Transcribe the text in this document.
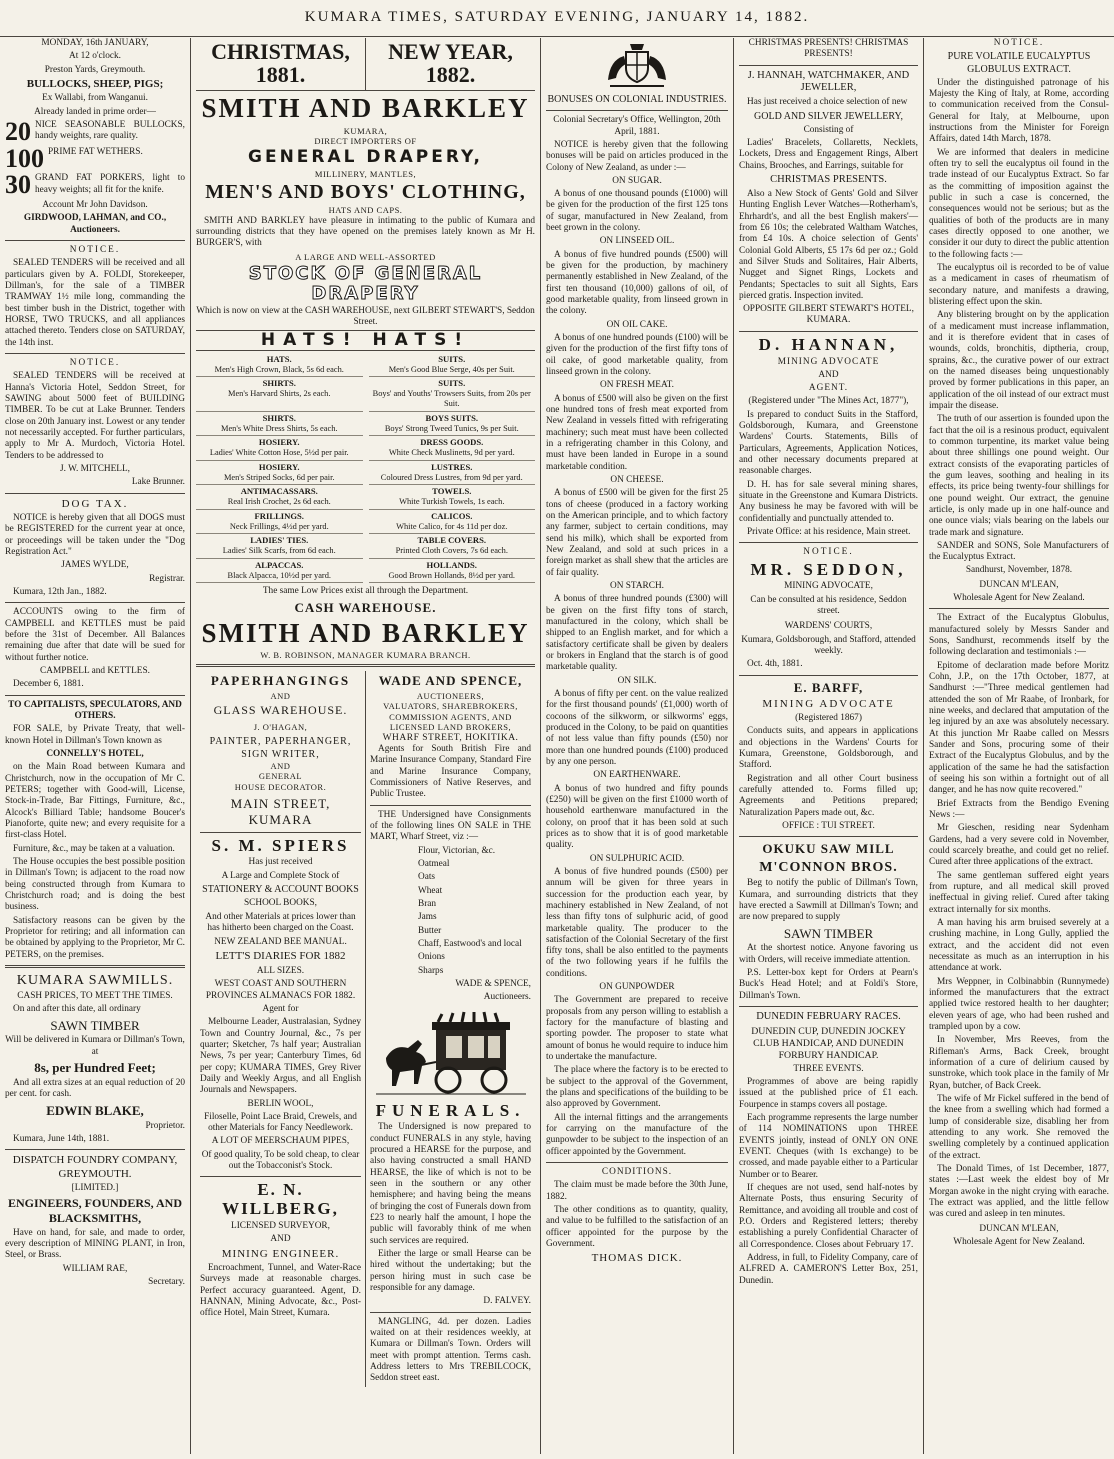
KUMARA TIMES, SATURDAY EVENING, JANUARY 14, 1882.

MONDAY, 16th JANUARY,

At 12 o'clock.

Preston Yards, Greymouth.

BULLOCKS, SHEEP, PIGS;

Ex Wallabi, from Wanganui.

Already landed in prime order—

20 NICE SEASONABLE BULLOCKS, handy weights, rare quality.
100 PRIME FAT WETHERS.
30 GRAND FAT PORKERS, light to heavy weights; all fit for the knife.

Account Mr John Davidson.

GIRDWOOD, LAHMAN, and CO., Auctioneers.

NOTICE.

SEALED TENDERS will be received and all particulars given by A. FOLDI, Storekeeper, Dillman's, for the sale of a TIMBER TRAMWAY 1½ mile long, commanding the best timber bush in the District, together with HORSE, TWO TRUCKS, and all appliances attached thereto. Tenders close on SATURDAY, the 14th inst.

NOTICE.

SEALED TENDERS will be received at Hanna's Victoria Hotel, Seddon Street, for SAWING about 5000 feet of BUILDING TIMBER. To be cut at Lake Brunner. Tenders close on 20th January inst. Lowest or any tender not necessarily accepted. For further particulars, apply to Mr A. Murdoch, Victoria Hotel. Tenders to be addressed to

J. W. MITCHELL,

Lake Brunner.

DOG TAX.

NOTICE is hereby given that all DOGS must be REGISTERED for the current year at once, or proceedings will be taken under the "Dog Registration Act."

JAMES WYLDE,

Registrar.

Kumara, 12th Jan., 1882.

ACCOUNTS owing to the firm of CAMPBELL and KETTLES must be paid before the 31st of December. All Balances remaining due after that date will be sued for without further notice.

CAMPBELL and KETTLES.

December 6, 1881.

TO CAPITALISTS, SPECULATORS, AND OTHERS.

FOR SALE, by Private Treaty, that well-known Hotel in Dillman's Town known as

CONNELLY'S HOTEL,

on the Main Road between Kumara and Christchurch, now in the occupation of Mr C. PETERS; together with Good-will, License, Stock-in-Trade, Bar Fittings, Furniture, &c., Alcock's Billiard Table; handsome Boucer's Pianoforte, quite new; and every requisite for a first-class Hotel.

Furniture, &c., may be taken at a valuation.

The House occupies the best possible position in Dillman's Town; is adjacent to the road now being constructed through from Kumara to Christchurch road; and is doing the best business.

Satisfactory reasons can be given by the Proprietor for retiring; and all information can be obtained by applying to the Proprietor, Mr C. PETERS, on the premises.

KUMARA SAWMILLS.

CASH PRICES, TO MEET THE TIMES.

On and after this date, all ordinary

SAWN TIMBER

Will be delivered in Kumara or Dillman's Town, at

8s, per Hundred Feet;

And all extra sizes at an equal reduction of 20 per cent. for cash.

EDWIN BLAKE,

Proprietor.

Kumara, June 14th, 1881.

DISPATCH FOUNDRY COMPANY, GREYMOUTH.

[LIMITED.]

ENGINEERS, FOUNDERS, AND BLACKSMITHS,

Have on hand, for sale, and made to order, every description of MINING PLANT, in Iron, Steel, or Brass.

WILLIAM RAE,

Secretary.

CHRISTMAS, 1881.
NEW YEAR, 1882.
SMITH AND BARKLEY
KUMARA,
DIRECT IMPORTERS OF
GENERAL DRAPERY,
MILLINERY, MANTLES,
MEN'S AND BOYS' CLOTHING,
HATS AND CAPS.

SMITH AND BARKLEY have pleasure in intimating to the public of Kumara and surrounding districts that they have opened on the premises lately known as Mr H. BURGER'S, with

A LARGE AND WELL-ASSORTED
STOCK OF GENERAL DRAPERY

Which is now on view at the CASH WAREHOUSE, next GILBERT STEWART'S, Seddon Street.

HATS! HATS!
HATS.
Men's High Crown, Black, 5s 6d each.
SUITS.
Men's Good Blue Serge, 40s per Suit.
SHIRTS.
Men's Harvard Shirts, 2s each.
SUITS.
Boys' and Youths' Trowsers Suits, from 20s per Suit.
SHIRTS.
Men's White Dress Shirts, 5s each.
BOYS SUITS.
Boys' Strong Tweed Tunics, 9s per Suit.
HOSIERY.
Ladies' White Cotton Hose, 5½d per pair.
DRESS GOODS.
White Check Muslinetts, 9d per yard.
HOSIERY.
Men's Striped Socks, 6d per pair.
LUSTRES.
Coloured Dress Lustres, from 9d per yard.
ANTIMACASSARS.
Real Irish Crochet, 2s 6d each.
TOWELS.
White Turkish Towels, 1s each.
FRILLINGS.
Neck Frillings, 4½d per yard.
CALICOS.
White Calico, for 4s 11d per doz.
LADIES' TIES.
Ladies' Silk Scarfs, from 6d each.
TABLE COVERS.
Printed Cloth Covers, 7s 6d each.
ALPACCAS.
Black Alpacca, 10½d per yard.
HOLLANDS.
Good Brown Hollands, 8½d per yard.

The same Low Prices exist all through the Department.

CASH WAREHOUSE.
SMITH AND BARKLEY
W. B. ROBINSON, MANAGER KUMARA BRANCH.
PAPERHANGINGS
AND
GLASS WAREHOUSE.
J. O'HAGAN,
PAINTER, PAPERHANGER, SIGN WRITER,
AND
GENERAL
HOUSE DECORATOR.
MAIN STREET, KUMARA
S. M. SPIERS

Has just received

A Large and Complete Stock of

STATIONERY & ACCOUNT BOOKS

SCHOOL BOOKS,

And other Materials at prices lower than has hitherto been charged on the Coast.

NEW ZEALAND BEE MANUAL.

LETT'S DIARIES FOR 1882

ALL SIZES.

WEST COAST AND SOUTHERN PROVINCES ALMANACS FOR 1882.

Agent for

Melbourne Leader, Australasian, Sydney Town and Country Journal, &c., 7s per quarter; Sketcher, 7s half year; Australian News, 7s per year; Canterbury Times, 6d per copy; KUMARA TIMES, Grey River Daily and Weekly Argus, and all English Journals and Newspapers.

BERLIN WOOL,

Filoselle, Point Lace Braid, Crewels, and other Materials for Fancy Needlework.

A LOT OF MEERSCHAUM PIPES,

Of good quality, To be sold cheap, to clear out the Tobacconist's Stock.

E. N. WILLBERG,

LICENSED SURVEYOR,

AND

MINING ENGINEER.

Encroachment, Tunnel, and Water-Race Surveys made at reasonable charges. Perfect accuracy guaranteed. Agent, D. HANNAN, Mining Advocate, &c., Post-office Hotel, Main Street, Kumara.

WADE AND SPENCE,
AUCTIONEERS,
VALUATORS, SHAREBROKERS, COMMISSION AGENTS, AND
LICENSED LAND BROKERS,
WHARF STREET, HOKITIKA.

Agents for South British Fire and Marine Insurance Company, Standard Fire and Marine Insurance Company, Commissioners of Native Reserves, and Public Trustee.

THE Undersigned have Consignments of the following lines ON SALE in THE MART, Wharf Street, viz :—

Flour, Victorian, &c.

Oatmeal

Oats

Wheat

Bran

Jams

Butter

Chaff, Eastwood's and local

Onions

Sharps

WADE & SPENCE,

Auctioneers.

FUNERALS.

The Undersigned is now prepared to conduct FUNERALS in any style, having procured a HEARSE for the purpose, and also having constructed a small HAND HEARSE, the like of which is not to be seen in the southern or any other hemisphere; and having being the means of bringing the cost of Funerals down from £23 to nearly half the amount, I hope the public will favorably think of me when such services are required.

Either the large or small Hearse can be hired without the undertaking; but the person hiring must in such case be responsible for any damage.

D. FALVEY.

MANGLING, 4d. per dozen. Ladies waited on at their residences weekly, at Kumara or Dillman's Town. Orders will meet with prompt attention. Terms cash. Address letters to Mrs TREBILCOCK, Seddon street east.

BONUSES ON COLONIAL INDUSTRIES.

Colonial Secretary's Office, Wellington, 20th April, 1881.

NOTICE is hereby given that the following bonuses will be paid on articles produced in the Colony of New Zealand, as under :—

ON SUGAR.

A bonus of one thousand pounds (£1000) will be given for the production of the first 125 tons of sugar, manufactured in New Zealand, from beet grown in the colony.

ON LINSEED OIL.

A bonus of five hundred pounds (£500) will be given for the production, by machinery permanently established in New Zealand, of the first ten thousand (10,000) gallons of oil, of good marketable quality, from linseed grown in the colony.

ON OIL CAKE.

A bonus of one hundred pounds (£100) will be given for the production of the first fifty tons of oil cake, of good marketable quality, from linseed grown in the colony.

ON FRESH MEAT.

A bonus of £500 will also be given on the first one hundred tons of fresh meat exported from New Zealand in vessels fitted with refrigerating machinery; such meat must have been collected in a refrigerating chamber in this Colony, and must have been landed in Europe in a sound marketable condition.

ON CHEESE.

A bonus of £500 will be given for the first 25 tons of cheese (produced in a factory working on the American principle, and to which factory any farmer, subject to certain conditions, may send his milk), which shall be exported from New Zealand, and sold at such prices in a foreign market as shall shew that the articles are of fair quality.

ON STARCH.

A bonus of three hundred pounds (£300) will be given on the first fifty tons of starch, manufactured in the colony, which shall be shipped to an English market, and for which a satisfactory certificate shall be given by dealers or brokers in England that the starch is of good marketable quality.

ON SILK.

A bonus of fifty per cent. on the value realized for the first thousand pounds' (£1,000) worth of cocoons of the silkworm, or silkworms' eggs, produced in the Colony, to be paid on quantities of not less value than fifty pounds (£50) nor more than one hundred pounds (£100) produced by any one person.

ON EARTHENWARE.

A bonus of two hundred and fifty pounds (£250) will be given on the first £1000 worth of household earthenware manufactured in the colony, on proof that it has been sold at such prices as to show that it is of good marketable quality.

ON SULPHURIC ACID.

A bonus of five hundred pounds (£500) per annum will be given for three years in succession for the production each year, by machinery established in New Zealand, of not less than fifty tons of sulphuric acid, of good marketable quality. The producer to the satisfaction of the Colonial Secretary of the first fifty tons, shall be also entitled to the payments of the two following years if he fulfils the conditions.

ON GUNPOWDER

The Government are prepared to receive proposals from any person willing to establish a factory for the manufacture of blasting and sporting powder. The proposer to state what amount of bonus he would require to induce him to undertake the manufacture.

The place where the factory is to be erected to be subject to the approval of the Government, the plans and specifications of the building to be also approved by Government.

All the internal fittings and the arrangements for carrying on the manufacture of the gunpowder to be subject to the inspection of an officer appointed by the Government.

CONDITIONS.

The claim must be made before the 30th June, 1882.

The other conditions as to quantity, quality, and value to be fulfilled to the satisfaction of an officer appointed for the purpose by the Government.

THOMAS DICK.

CHRISTMAS PRESENTS! CHRISTMAS PRESENTS!

J. HANNAH, WATCHMAKER, AND JEWELLER,

Has just received a choice selection of new

GOLD AND SILVER JEWELLERY,

Consisting of

Ladies' Bracelets, Collaretts, Necklets, Lockets, Dress and Engagement Rings, Albert Chains, Brooches, and Earrings, suitable for

CHRISTMAS PRESENTS.

Also a New Stock of Gents' Gold and Silver Hunting English Lever Watches—Rotherham's, Ehrhardt's, and all the best English makers'—from £6 10s; the celebrated Waltham Watches, from £4 10s. A choice selection of Gents' Colonial Gold Alberts, £5 17s 6d per oz.; Gold and Silver Studs and Solitaires, Hair Alberts, Nugget and Signet Rings, Lockets and Pendants; Spectacles to suit all Sights, Ears pierced gratis. Inspection invited.

OPPOSITE GILBERT STEWART'S HOTEL, KUMARA.

D. HANNAN,

MINING ADVOCATE

AND

AGENT.

(Registered under "The Mines Act, 1877"),

Is prepared to conduct Suits in the Stafford, Goldsborough, Kumara, and Greenstone Wardens' Courts. Statements, Bills of Particulars, Agreements, Application Notices, and other necessary documents prepared at reasonable charges.

D. H. has for sale several mining shares, situate in the Greenstone and Kumara Districts. Any business he may be favored with will be confidentially and punctually attended to.

Private Office: at his residence, Main street.

NOTICE.

MR. SEDDON,

MINING ADVOCATE,

Can be consulted at his residence, Seddon street.

WARDENS' COURTS,

Kumara, Goldsborough, and Stafford, attended weekly.

Oct. 4th, 1881.

E. BARFF,

MINING ADVOCATE

(Registered 1867)

Conducts suits, and appears in applications and objections in the Wardens' Courts for Kumara, Greenstone, Goldsborough, and Stafford.

Registration and all other Court business carefully attended to. Forms filled up; Agreements and Petitions prepared; Naturalization Papers made out, &c.

OFFICE : TUI STREET.

OKUKU SAW MILL
M'CONNON BROS.

Beg to notify the public of Dillman's Town, Kumara, and surrounding districts that they have erected a Sawmill at Dillman's Town; and are now prepared to supply

SAWN TIMBER

At the shortest notice. Anyone favoring us with Orders, will receive immediate attention.

P.S. Letter-box kept for Orders at Pearn's Buck's Head Hotel; and at Foldi's Store, Dillman's Town.

DUNEDIN FEBRUARY RACES.

DUNEDIN CUP, DUNEDIN JOCKEY CLUB HANDICAP, AND DUNEDIN FORBURY HANDICAP.

THREE EVENTS.

Programmes of above are being rapidly issued at the published price of £1 each. Fourpence in stamps covers all postage.

Each programme represents the large number of 114 NOMINATIONS upon THREE EVENTS jointly, instead of ONLY ON ONE EVENT. Cheques (with 1s exchange) to be crossed, and made payable either to a Particular Number or to Bearer.

If cheques are not used, send half-notes by Alternate Posts, thus ensuring Security of Remittance, and avoiding all trouble and cost of P.O. Orders and Registered letters; thereby establishing a purely Confidential Character of all Correspondence. Closes about February 17.

Address, in full, to Fidelity Company, care of ALFRED A. CAMERON'S Letter Box, 251, Dunedin.

NOTICE.

PURE VOLATILE EUCALYPTUS GLOBULUS EXTRACT.

Under the distinguished patronage of his Majesty the King of Italy, at Rome, according to communication received from the Consul-General for Italy, at Melbourne, upon instructions from the Minister for Foreign Affairs, dated 14th March, 1878.

We are informed that dealers in medicine often try to sell the eucalyptus oil found in the trade instead of our Eucalyptus Extract. So far as the committing of imposition against the public in such a case is concerned, the consequences would not be serious; but as the qualities of both of the products are in many cases directly opposed to one another, we consider it our duty to direct the public attention to the following facts :—

The eucalyptus oil is recorded to be of value as a medicament in cases of rheumatism of secondary nature, and manifests a drawing, blistering effect upon the skin.

Any blistering brought on by the application of a medicament must increase inflammation, and it is therefore evident that in cases of wounds, colds, bronchitis, diptheria, croup, sprains, &c., the curative power of our extract on the named diseases being unquestionably proved by former publications in this paper, an application of the oil instead of our extract must impair the disease.

The truth of our assertion is founded upon the fact that the oil is a resinous product, equivalent to common turpentine, its market value being about three shillings one pound weight. Our extract consists of the evaporating particles of the gum leaves, soothing and healing in its effects, its price being twenty-four shillings for one pound weight. Our extract, the genuine article, is only made up in one half-ounce and one ounce vials; vials bearing on the labels our trade mark and signature.

SANDER and SONS, Sole Manufacturers of the Eucalyptus Extract.

Sandhurst, November, 1878.

DUNCAN M'LEAN,

Wholesale Agent for New Zealand.

The Extract of the Eucalyptus Globulus, manufactured solely by Messrs Sander and Sons, Sandhurst, recommends itself by the following declaration and testimonials :—

Epitome of declaration made before Moritz Cohn, J.P., on the 17th October, 1877, at Sandhurst :—"Three medical gentlemen had attended the son of Mr Raabe, of Ironbark, for nine weeks, and declared that amputation of the leg injured by an axe was absolutely necessary. At this junction Mr Raabe called on Messrs Sander and Sons, procuring some of their Extract of the Eucalyptus Globulus, and by the application of the same he had the satisfaction of seeing his son within a fortnight out of all danger, and he has now quite recovered."

Brief Extracts from the Bendigo Evening News :—

Mr Gieschen, residing near Sydenham Gardens, had a very severe cold in November, could scarcely breathe, and could get no relief. Cured after three applications of the extract.

The same gentleman suffered eight years from rupture, and all medical skill proved ineffectual in giving relief. Cured after taking extract internally for six months.

A man having his arm bruised severely at a crushing machine, in Long Gully, applied the extract, and the accident did not even necessitate as much as an interruption in his attendance at work.

Mrs Weppner, in Colbinabbin (Runnymede) informed the manufacturers that the extract applied twice restored health to her daughter; eleven years of age, who had been rushed and trampled upon by a cow.

In November, Mrs Reeves, from the Rifleman's Arms, Back Creek, brought information of a cure of delirium caused by sunstroke, which took place in the family of Mr Ryan, butcher, of Back Creek.

The wife of Mr Fickel suffered in the bend of the knee from a swelling which had formed a lump of considerable size, disabling her from attending to any work. She removed the swelling completely by a continued application of the extract.

The Donald Times, of 1st December, 1877, states :—Last week the eldest boy of Mr Morgan awoke in the night crying with earache. The extract was applied, and the little fellow was cured and asleep in ten minutes.

DUNCAN M'LEAN,

Wholesale Agent for New Zealand.
